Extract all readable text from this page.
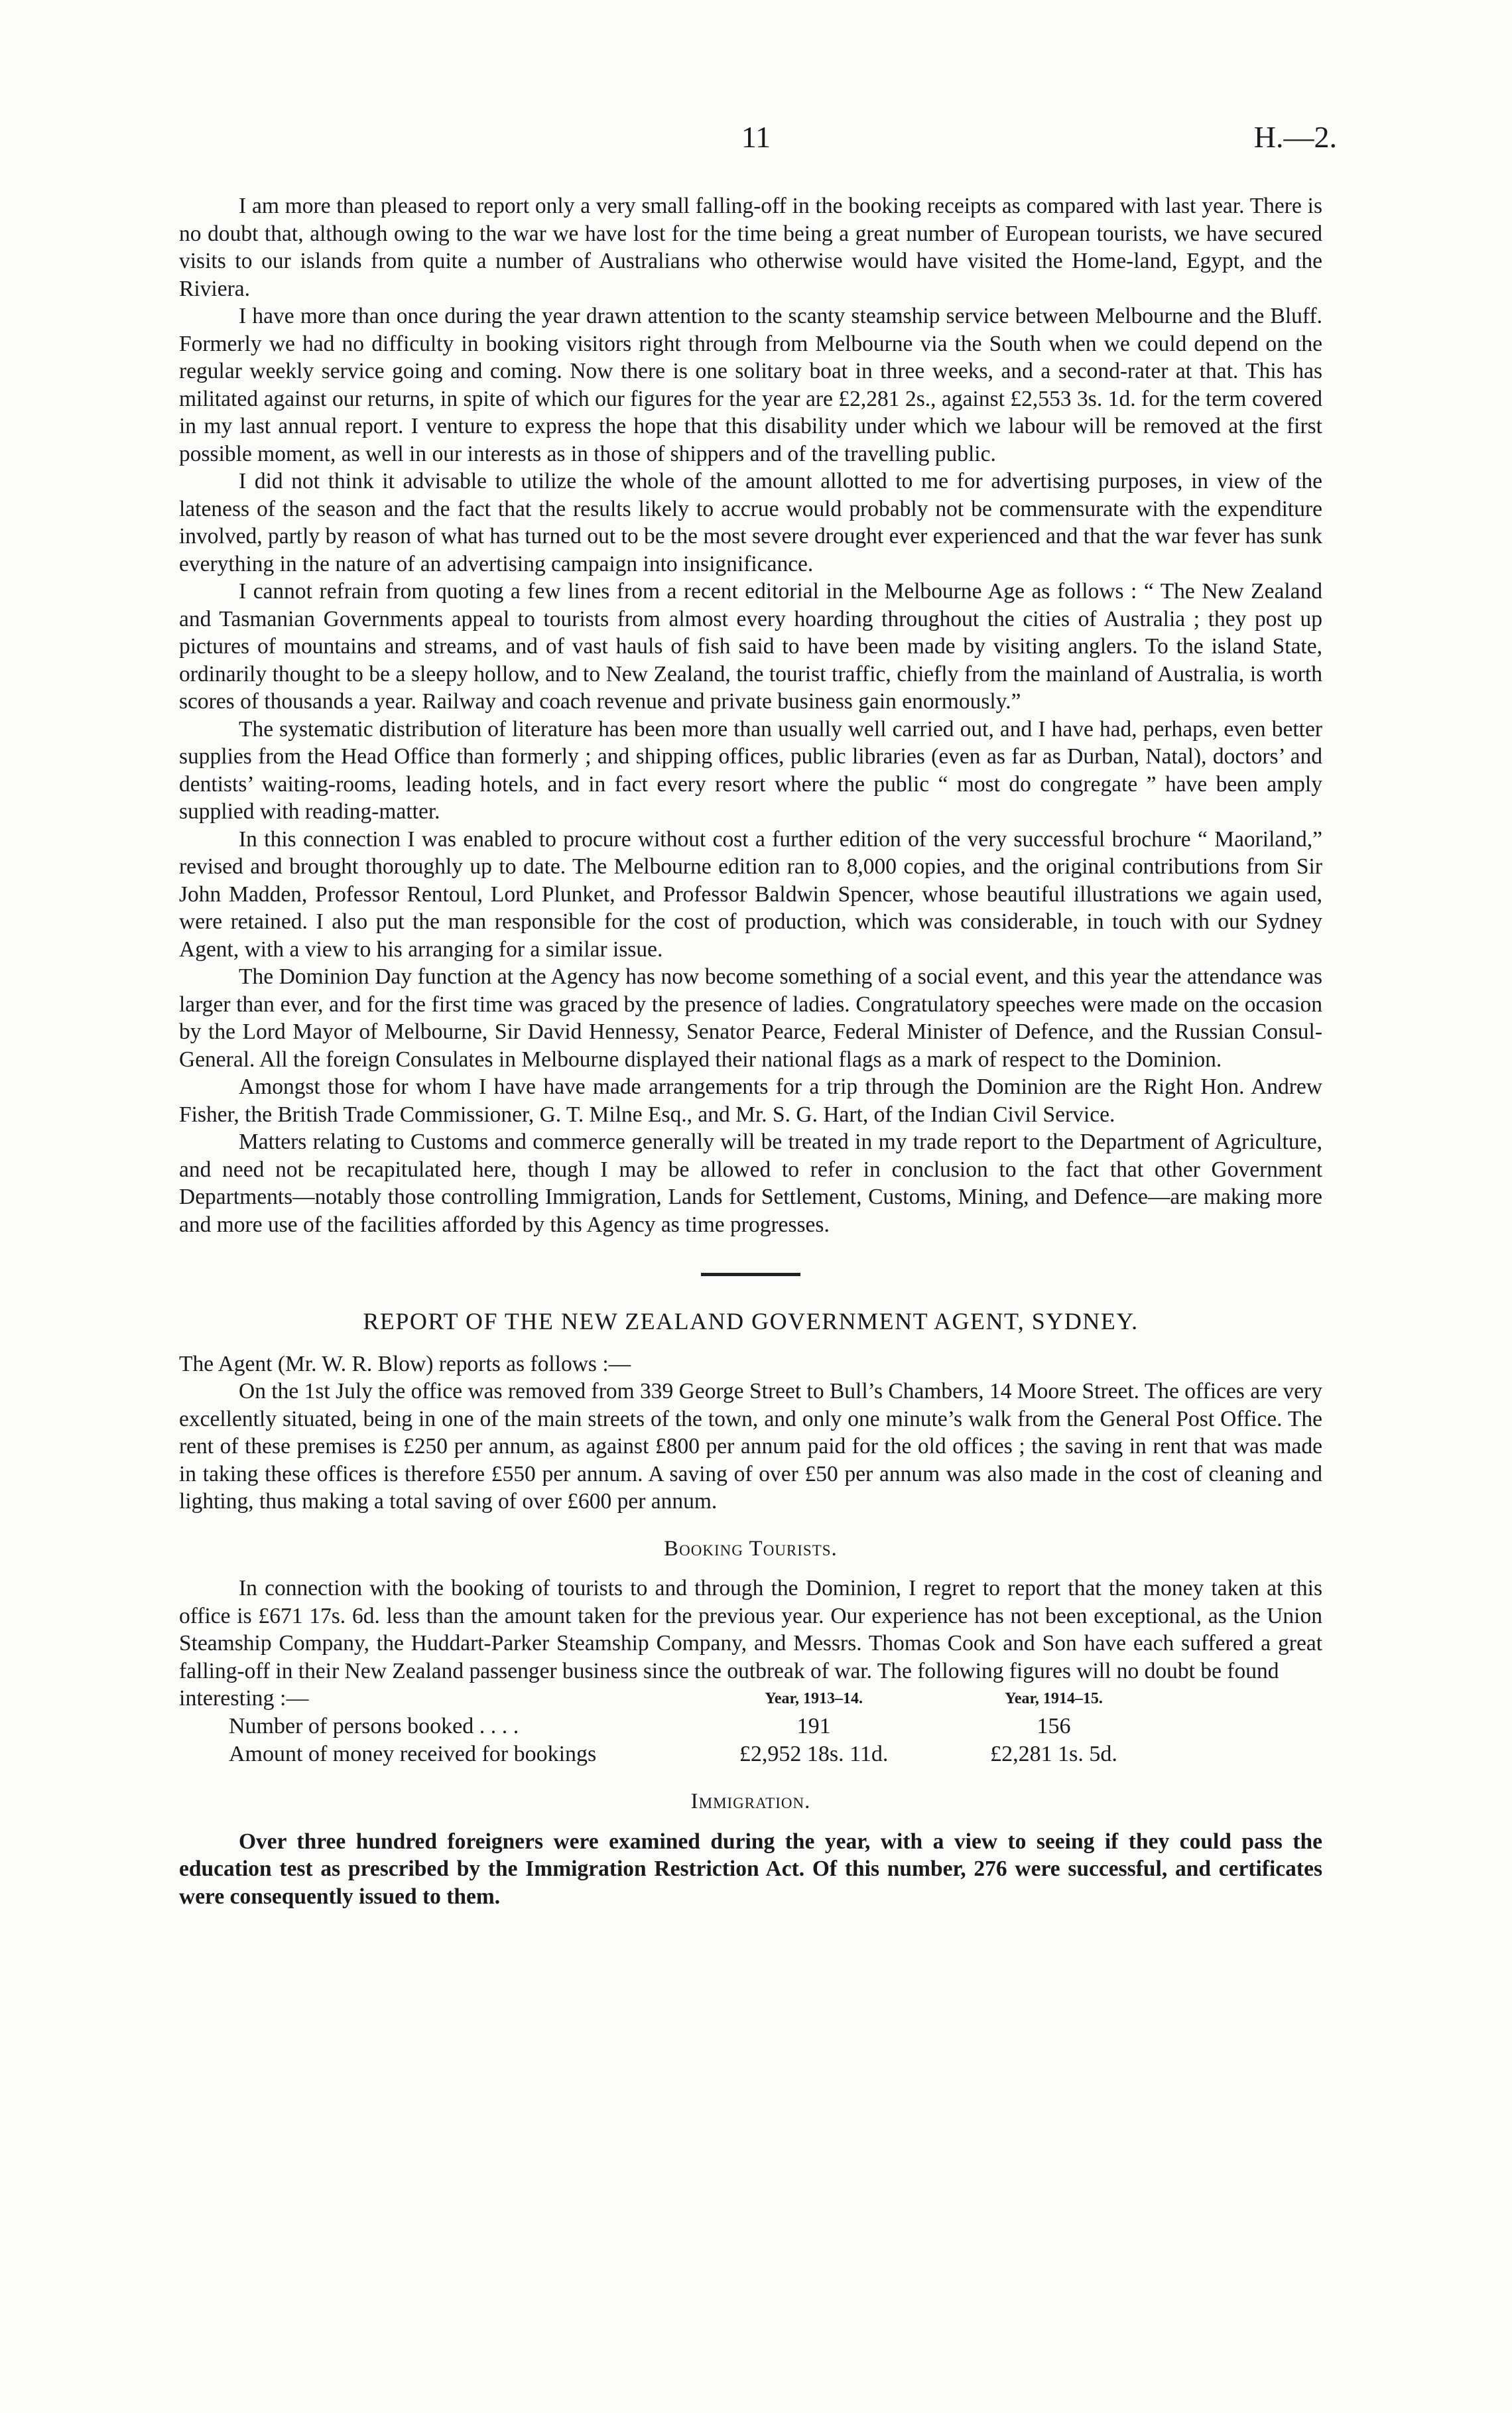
11	H.—2.

I am more than pleased to report only a very small falling-off in the booking receipts as compared with last year. There is no doubt that, although owing to the war we have lost for the time being a great number of European tourists, we have secured visits to our islands from quite a number of Australians who otherwise would have visited the Home-land, Egypt, and the Riviera.

I have more than once during the year drawn attention to the scanty steamship service between Melbourne and the Bluff. Formerly we had no difficulty in booking visitors right through from Melbourne via the South when we could depend on the regular weekly service going and coming. Now there is one solitary boat in three weeks, and a second-rater at that. This has militated against our returns, in spite of which our figures for the year are £2,281 2s., against £2,553 3s. 1d. for the term covered in my last annual report. I venture to express the hope that this disability under which we labour will be removed at the first possible moment, as well in our interests as in those of shippers and of the travelling public.

I did not think it advisable to utilize the whole of the amount allotted to me for advertising purposes, in view of the lateness of the season and the fact that the results likely to accrue would probably not be commensurate with the expenditure involved, partly by reason of what has turned out to be the most severe drought ever experienced and that the war fever has sunk everything in the nature of an advertising campaign into insignificance.

I cannot refrain from quoting a few lines from a recent editorial in the Melbourne Age as follows : “ The New Zealand and Tasmanian Governments appeal to tourists from almost every hoarding throughout the cities of Australia ; they post up pictures of mountains and streams, and of vast hauls of fish said to have been made by visiting anglers. To the island State, ordinarily thought to be a sleepy hollow, and to New Zealand, the tourist traffic, chiefly from the mainland of Australia, is worth scores of thousands a year. Railway and coach revenue and private business gain enormously.”

The systematic distribution of literature has been more than usually well carried out, and I have had, perhaps, even better supplies from the Head Office than formerly ; and shipping offices, public libraries (even as far as Durban, Natal), doctors’ and dentists’ waiting-rooms, leading hotels, and in fact every resort where the public “ most do congregate ” have been amply supplied with reading-matter.

In this connection I was enabled to procure without cost a further edition of the very successful brochure “ Maoriland,” revised and brought thoroughly up to date. The Melbourne edition ran to 8,000 copies, and the original contributions from Sir John Madden, Professor Rentoul, Lord Plunket, and Professor Baldwin Spencer, whose beautiful illustrations we again used, were retained. I also put the man responsible for the cost of production, which was considerable, in touch with our Sydney Agent, with a view to his arranging for a similar issue.

The Dominion Day function at the Agency has now become something of a social event, and this year the attendance was larger than ever, and for the first time was graced by the presence of ladies. Congratulatory speeches were made on the occasion by the Lord Mayor of Melbourne, Sir David Hennessy, Senator Pearce, Federal Minister of Defence, and the Russian Consul-General. All the foreign Consulates in Melbourne displayed their national flags as a mark of respect to the Dominion.

Amongst those for whom I have have made arrangements for a trip through the Dominion are the Right Hon. Andrew Fisher, the British Trade Commissioner, G. T. Milne Esq., and Mr. S. G. Hart, of the Indian Civil Service.

Matters relating to Customs and commerce generally will be treated in my trade report to the Department of Agriculture, and need not be recapitulated here, though I may be allowed to refer in conclusion to the fact that other Government Departments—notably those controlling Immigration, Lands for Settlement, Customs, Mining, and Defence—are making more and more use of the facilities afforded by this Agency as time progresses.

REPORT OF THE NEW ZEALAND GOVERNMENT AGENT, SYDNEY.

The Agent (Mr. W. R. Blow) reports as follows :—

On the 1st July the office was removed from 339 George Street to Bull’s Chambers, 14 Moore Street. The offices are very excellently situated, being in one of the main streets of the town, and only one minute’s walk from the General Post Office. The rent of these premises is £250 per annum, as against £800 per annum paid for the old offices ; the saving in rent that was made in taking these offices is therefore £550 per annum. A saving of over £50 per annum was also made in the cost of cleaning and lighting, thus making a total saving of over £600 per annum.

Booking Tourists.

In connection with the booking of tourists to and through the Dominion, I regret to report that the money taken at this office is £671 17s. 6d. less than the amount taken for the previous year. Our experience has not been exceptional, as the Union Steamship Company, the Huddart-Parker Steamship Company, and Messrs. Thomas Cook and Son have each suffered a great falling-off in their New Zealand passenger business since the outbreak of war. The following figures will no doubt be found

interesting :—	Year, 1913–14.	Year, 1914–15.
Number of persons booked . . . .	191	156
Amount of money received for bookings	£2,952 18s. 11d.	£2,281 1s. 5d.
Immigration.

Over three hundred foreigners were examined during the year, with a view to seeing if they could pass the education test as prescribed by the Immigration Restriction Act. Of this number, 276 were successful, and certificates were consequently issued to them.
